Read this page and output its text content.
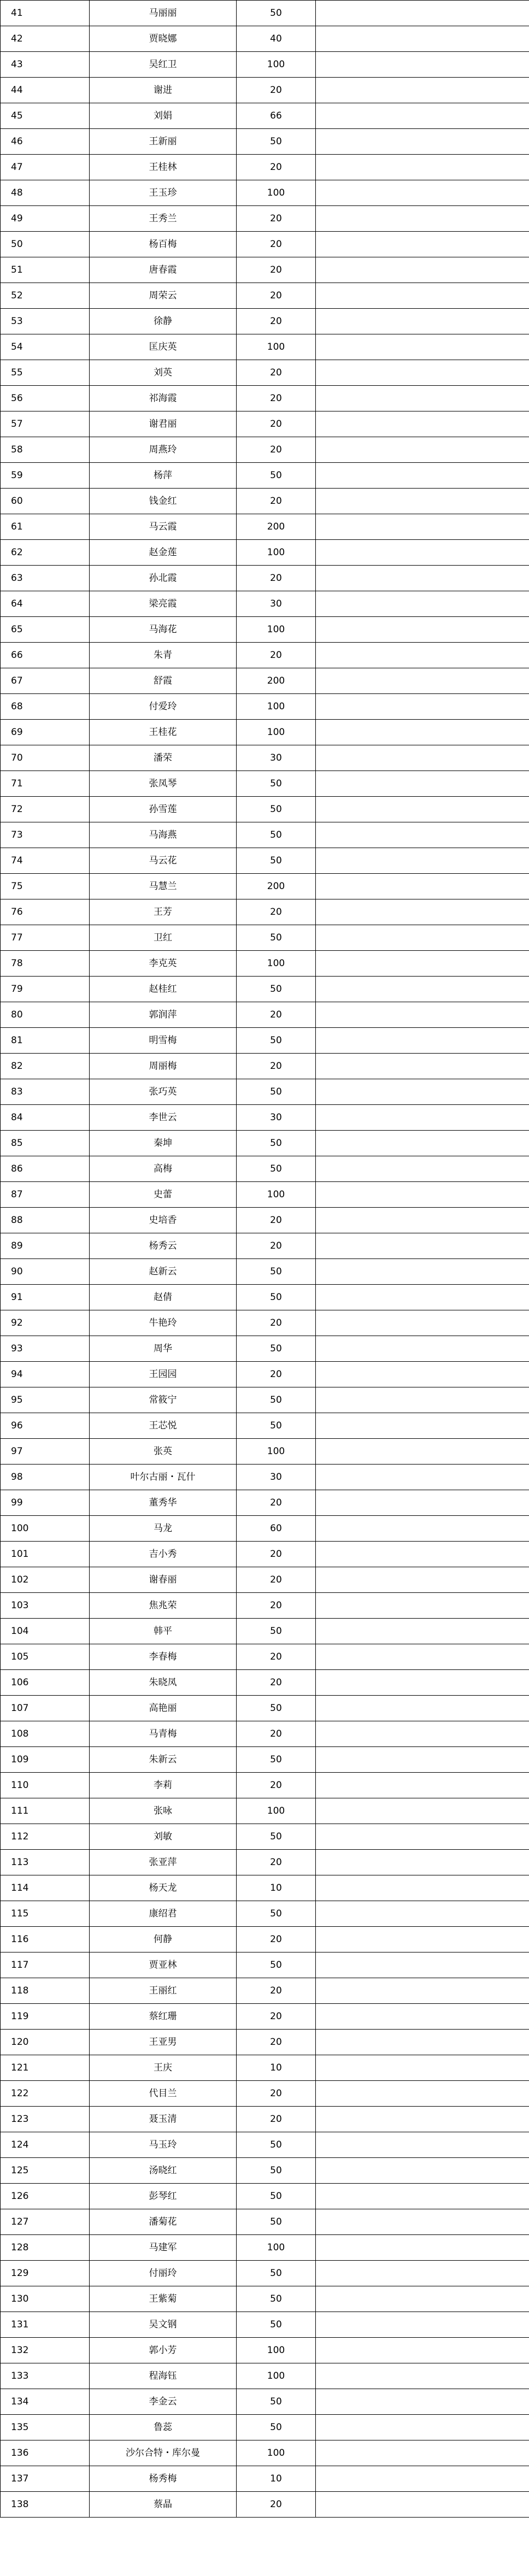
41	马丽丽	50	
42	贾晓娜	40	
43	吴红卫	100	
44	谢进	20	
45	刘娟	66	
46	王新丽	50	
47	王桂林	20	
48	王玉珍	100	
49	王秀兰	20	
50	杨百梅	20	
51	唐春霞	20	
52	周荣云	20	
53	徐静	20	
54	匡庆英	100	
55	刘英	20	
56	祁海霞	20	
57	谢君丽	20	
58	周燕玲	20	
59	杨萍	50	
60	钱金红	20	
61	马云霞	200	
62	赵金莲	100	
63	孙北霞	20	
64	梁亮霞	30	
65	马海花	100	
66	朱青	20	
67	舒霞	200	
68	付爱玲	100	
69	王桂花	100	
70	潘荣	30	
71	张凤琴	50	
72	孙雪莲	50	
73	马海燕	50	
74	马云花	50	
75	马慧兰	200	
76	王芳	20	
77	卫红	50	
78	李克英	100	
79	赵桂红	50	
80	郭润萍	20	
81	明雪梅	50	
82	周丽梅	20	
83	张巧英	50	
84	李世云	30	
85	秦坤	50	
86	高梅	50	
87	史蕾	100	
88	史培香	20	
89	杨秀云	20	
90	赵新云	50	
91	赵倩	50	
92	牛艳玲	20	
93	周华	50	
94	王园园	20	
95	常筱宁	50	
96	王芯悦	50	
97	张英	100	
98	叶尔古丽・瓦什	30	
99	董秀华	20	
100	马龙	60	
101	吉小秀	20	
102	谢春丽	20	
103	焦兆荣	20	
104	韩平	50	
105	李春梅	20	
106	朱晓凤	20	
107	高艳丽	50	
108	马青梅	20	
109	朱新云	50	
110	李莉	20	
111	张咏	100	
112	刘敏	50	
113	张亚萍	20	
114	杨天龙	10	
115	康绍君	50	
116	何静	20	
117	贾亚林	50	
118	王丽红	20	
119	蔡红珊	20	
120	王亚男	20	
121	王庆	10	
122	代目兰	20	
123	聂玉清	20	
124	马玉玲	50	
125	汤晓红	50	
126	彭琴红	50	
127	潘菊花	50	
128	马建军	100	
129	付丽玲	50	
130	王紫菊	50	
131	吴文钢	50	
132	郭小芳	100	
133	程海钰	100	
134	李金云	50	
135	鲁蕊	50	
136	沙尔合特・库尔曼	100	
137	杨秀梅	10	
138	蔡晶	20	
